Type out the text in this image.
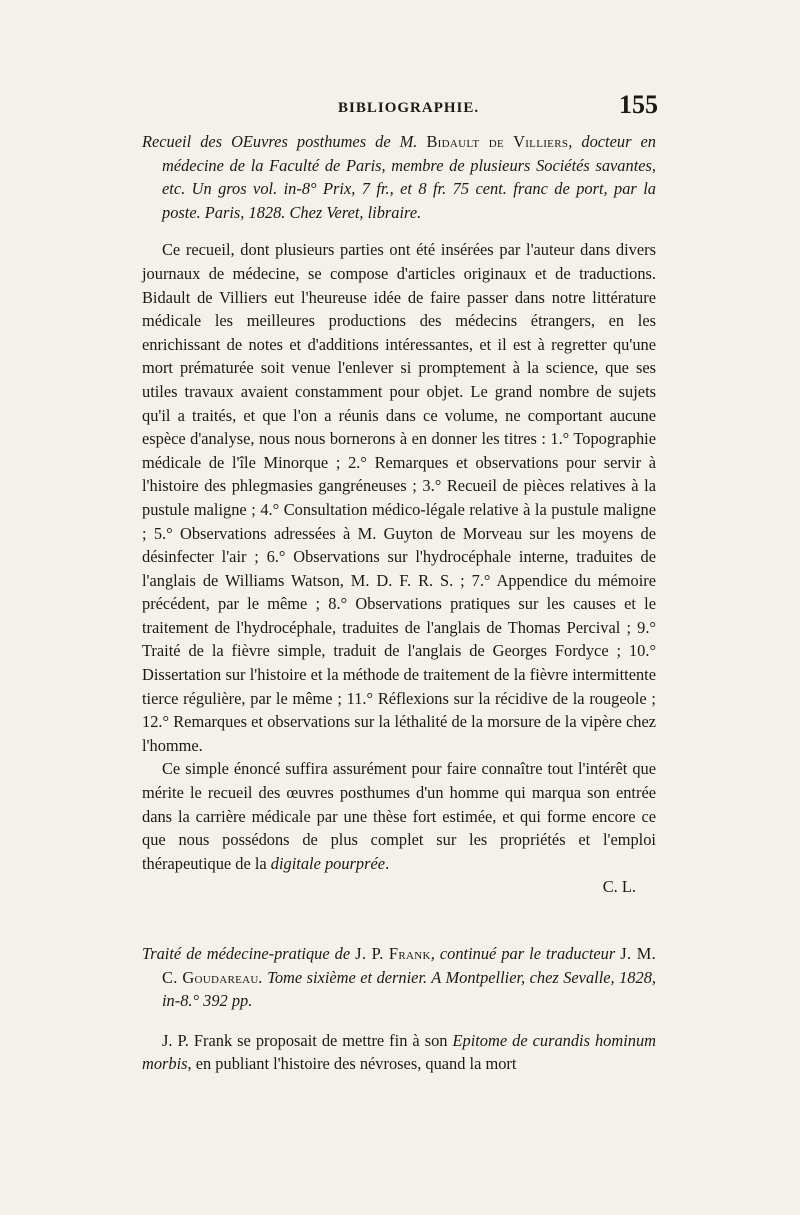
BIBLIOGRAPHIE.	155

Recueil des OEuvres posthumes de M. Bidault de Villiers, docteur en médecine de la Faculté de Paris, membre de plusieurs Sociétés savantes, etc. Un gros vol. in-8° Prix, 7 fr., et 8 fr. 75 cent. franc de port, par la poste. Paris, 1828. Chez Veret, libraire.

Ce recueil, dont plusieurs parties ont été insérées par l'auteur dans divers journaux de médecine, se compose d'articles originaux et de traductions. Bidault de Villiers eut l'heureuse idée de faire passer dans notre littérature médicale les meilleures productions des médecins étrangers, en les enrichissant de notes et d'additions intéressantes, et il est à regretter qu'une mort prématurée soit venue l'enlever si promptement à la science, que ses utiles travaux avaient constamment pour objet. Le grand nombre de sujets qu'il a traités, et que l'on a réunis dans ce volume, ne comportant aucune espèce d'analyse, nous nous bornerons à en donner les titres : 1.° Topographie médicale de l'île Minorque ; 2.° Remarques et observations pour servir à l'histoire des phlegmasies gangréneuses ; 3.° Recueil de pièces relatives à la pustule maligne ; 4.° Consultation médico-légale relative à la pustule maligne ; 5.° Observations adressées à M. Guyton de Morveau sur les moyens de désinfecter l'air ; 6.° Observations sur l'hydrocéphale interne, traduites de l'anglais de Williams Watson, M. D. F. R. S. ; 7.° Appendice du mémoire précédent, par le même ; 8.° Observations pratiques sur les causes et le traitement de l'hydrocéphale, traduites de l'anglais de Thomas Percival ; 9.° Traité de la fièvre simple, traduit de l'anglais de Georges Fordyce ; 10.° Dissertation sur l'histoire et la méthode de traitement de la fièvre intermittente tierce régulière, par le même ; 11.° Réflexions sur la récidive de la rougeole ; 12.° Remarques et observations sur la léthalité de la morsure de la vipère chez l'homme.

Ce simple énoncé suffira assurément pour faire connaître tout l'intérêt que mérite le recueil des œuvres posthumes d'un homme qui marqua son entrée dans la carrière médicale par une thèse fort estimée, et qui forme encore ce que nous possédons de plus complet sur les propriétés et l'emploi thérapeutique de la digitale pourprée.

C. L.

Traité de médecine-pratique de J. P. Frank, continué par le traducteur J. M. C. Goudareau. Tome sixième et dernier. A Montpellier, chez Sevalle, 1828, in-8.° 392 pp.

J. P. Frank se proposait de mettre fin à son Epitome de curandis hominum morbis, en publiant l'histoire des névroses, quand la mort
